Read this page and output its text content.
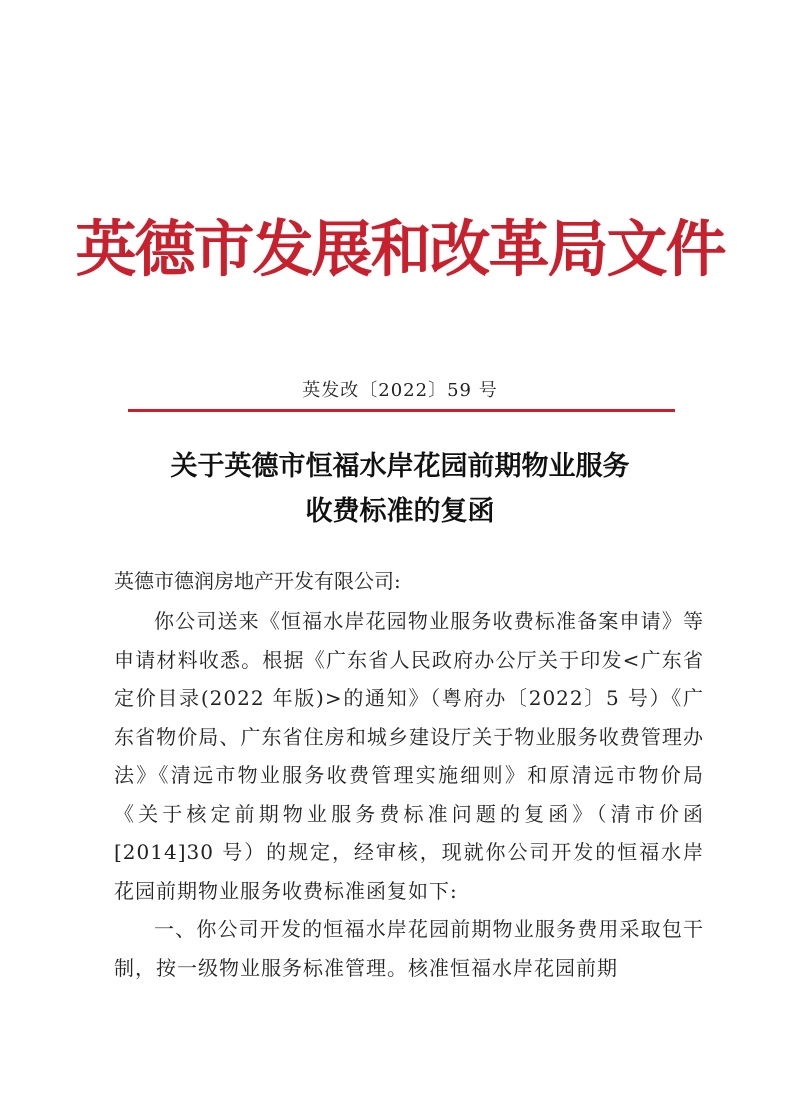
英德市发展和改革局文件
英发改〔2022〕59 号
关于英德市恒福水岸花园前期物业服务
收费标准的复函
英德市德润房地产开发有限公司:

你公司送来《恒福水岸花园物业服务收费标准备案申请》等申请材料收悉。根据《广东省人民政府办公厅关于印发<广东省定价目录(2022 年版)>的通知》（粤府办〔2022〕5 号）《广东省物价局、广东省住房和城乡建设厅关于物业服务收费管理办法》《清远市物业服务收费管理实施细则》和原清远市物价局《关于核定前期物业服务费标准问题的复函》（清市价函[2014]30 号）的规定，经审核，现就你公司开发的恒福水岸花园前期物业服务收费标准函复如下:

一、你公司开发的恒福水岸花园前期物业服务费用采取包干制，按一级物业服务标准管理。核准恒福水岸花园前期
